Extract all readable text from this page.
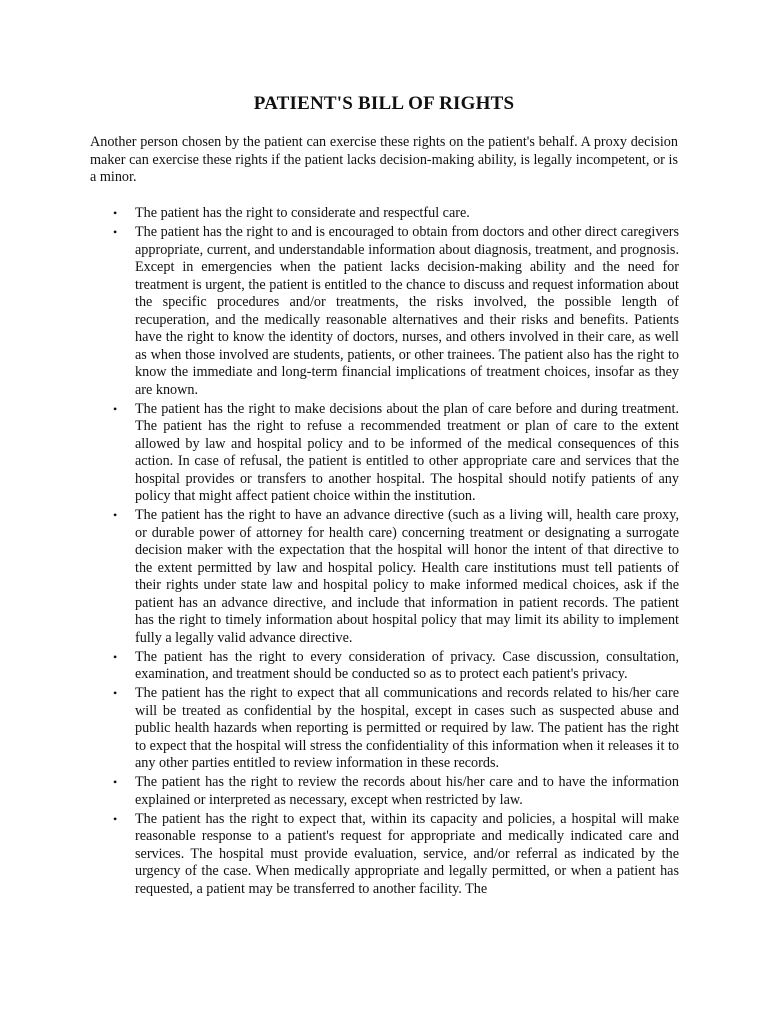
PATIENT'S BILL OF RIGHTS

Another person chosen by the patient can exercise these rights on the patient's behalf. A proxy decision maker can exercise these rights if the patient lacks decision-making ability, is legally incompetent, or is a minor.

• The patient has the right to considerate and respectful care.
• The patient has the right to and is encouraged to obtain from doctors and other direct caregivers appropriate, current, and understandable information about diagnosis, treatment, and prognosis. Except in emergencies when the patient lacks decision-making ability and the need for treatment is urgent, the patient is entitled to the chance to discuss and request information about the specific procedures and/or treatments, the risks involved, the possible length of recuperation, and the medically reasonable alternatives and their risks and benefits. Patients have the right to know the identity of doctors, nurses, and others involved in their care, as well as when those involved are students, patients, or other trainees. The patient also has the right to know the immediate and long-term financial implications of treatment choices, insofar as they are known.
• The patient has the right to make decisions about the plan of care before and during treatment. The patient has the right to refuse a recommended treatment or plan of care to the extent allowed by law and hospital policy and to be informed of the medical consequences of this action. In case of refusal, the patient is entitled to other appropriate care and services that the hospital provides or transfers to another hospital. The hospital should notify patients of any policy that might affect patient choice within the institution.
• The patient has the right to have an advance directive (such as a living will, health care proxy, or durable power of attorney for health care) concerning treatment or designating a surrogate decision maker with the expectation that the hospital will honor the intent of that directive to the extent permitted by law and hospital policy. Health care institutions must tell patients of their rights under state law and hospital policy to make informed medical choices, ask if the patient has an advance directive, and include that information in patient records. The patient has the right to timely information about hospital policy that may limit its ability to implement fully a legally valid advance directive.
• The patient has the right to every consideration of privacy. Case discussion, consultation, examination, and treatment should be conducted so as to protect each patient's privacy.
• The patient has the right to expect that all communications and records related to his/her care will be treated as confidential by the hospital, except in cases such as suspected abuse and public health hazards when reporting is permitted or required by law. The patient has the right to expect that the hospital will stress the confidentiality of this information when it releases it to any other parties entitled to review information in these records.
• The patient has the right to review the records about his/her care and to have the information explained or interpreted as necessary, except when restricted by law.
• The patient has the right to expect that, within its capacity and policies, a hospital will make reasonable response to a patient's request for appropriate and medically indicated care and services. The hospital must provide evaluation, service, and/or referral as indicated by the urgency of the case. When medically appropriate and legally permitted, or when a patient has requested, a patient may be transferred to another facility. The
